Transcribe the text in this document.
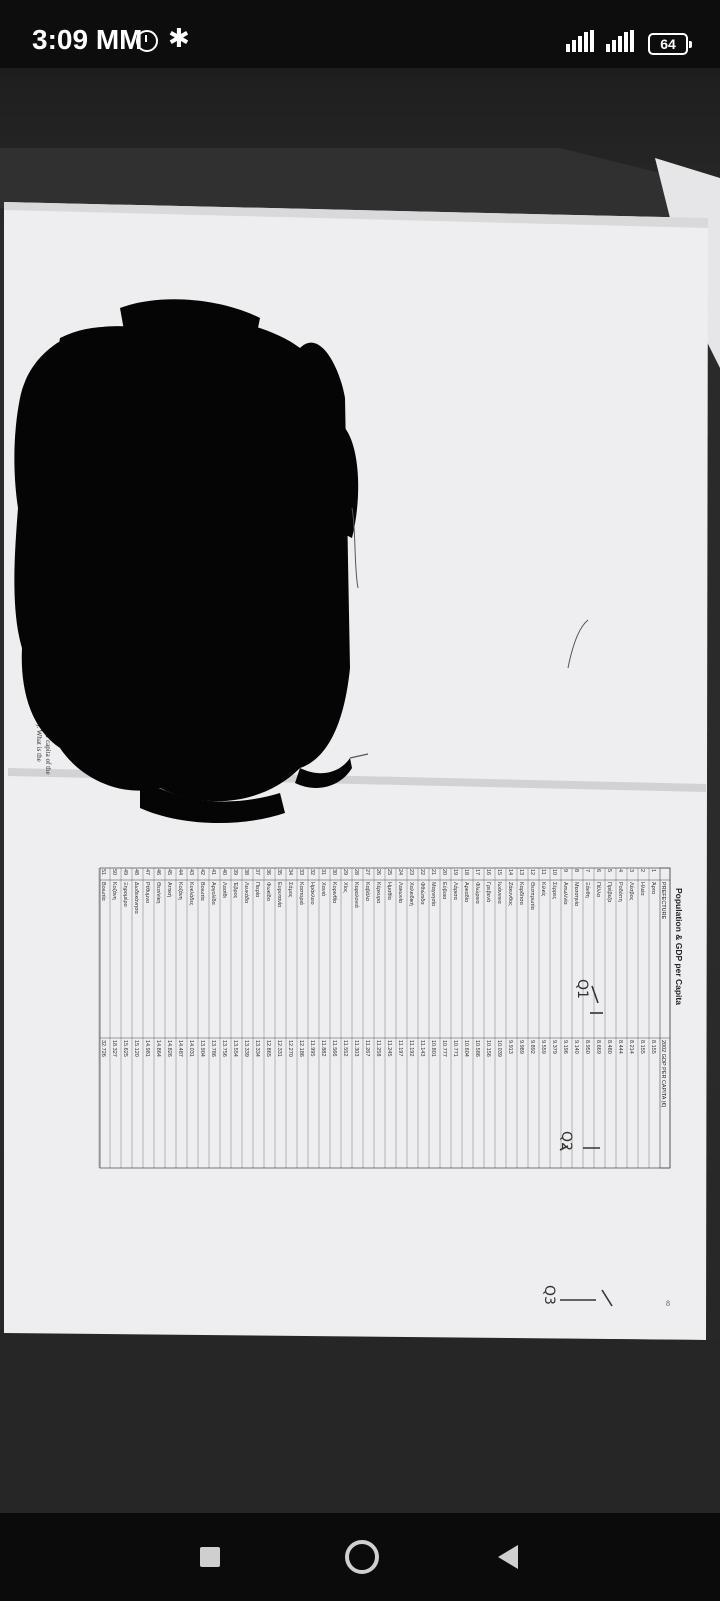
3:09 MM ✱	64
Population & GDP per Capita
PREFECTURE
2002 GDP PER CAPITA (€)
1
Άρτα
8.155
2
Ηλεία
8.155
3
Λέσβος
8.214
4
Ροδόπη
8.444
5
Πρέβεζα
8.480
6
Πέλλα
8.669
7
Ξάνθη
8.950
8
Μεσσηνία
9.140
9
Αιτωλ/νία
9.196
10
Σέρρες
9.379
11
Κιλκίς
9.559
12
Θεσπρωτία
9.892
13
Καρδίτσα
9.989
14
Ζάκυνθος
9.913
15
Ιωάννινα
10.039
16
Γρεβενά
10.156
17
Φλώρινα
10.586
18
Αρκαδία
10.604
19
Λάρισα
10.771
20
Εύβοια
10.777
21
Μαγνησία
10.801
22
Φθιώτιδα
11.143
23
Χαλκιδική
11.192
24
Λακωνία
11.197
25
Ημαθία
11.245
26
Κέρκυρα
11.258
27
Καβάλα
11.267
28
Κεφαλονιά
11.303
29
Χίος
11.552
30
Κορινθία
11.566
31
Χανιά
11.882
32
Ηράκλειο
11.995
33
Καστοριά
12.186
34
Σάμος
12.270
35
Ευρυτανία
12.331
36
Φωκίδα
12.865
37
Πιερία
13.334
38
Λευκάδα
13.339
39
Έβρος
13.554
40
Λασίθι
13.756
41
Αργολίδα
13.786
42
Βοιωτία
13.904
43
Κυκλάδες
14.031
44
Κοζάνη
14.487
45
Αττική
14.826
46
Θεσ/νίκη
14.864
47
Ρέθυμνο
14.981
48
Δωδεκάνησα
15.120
49
Ξηρομέρο
15.625
50
Κοζάνη
18.327
51
Βοιωτία
32.726
Q1
Q2
Q3	8
